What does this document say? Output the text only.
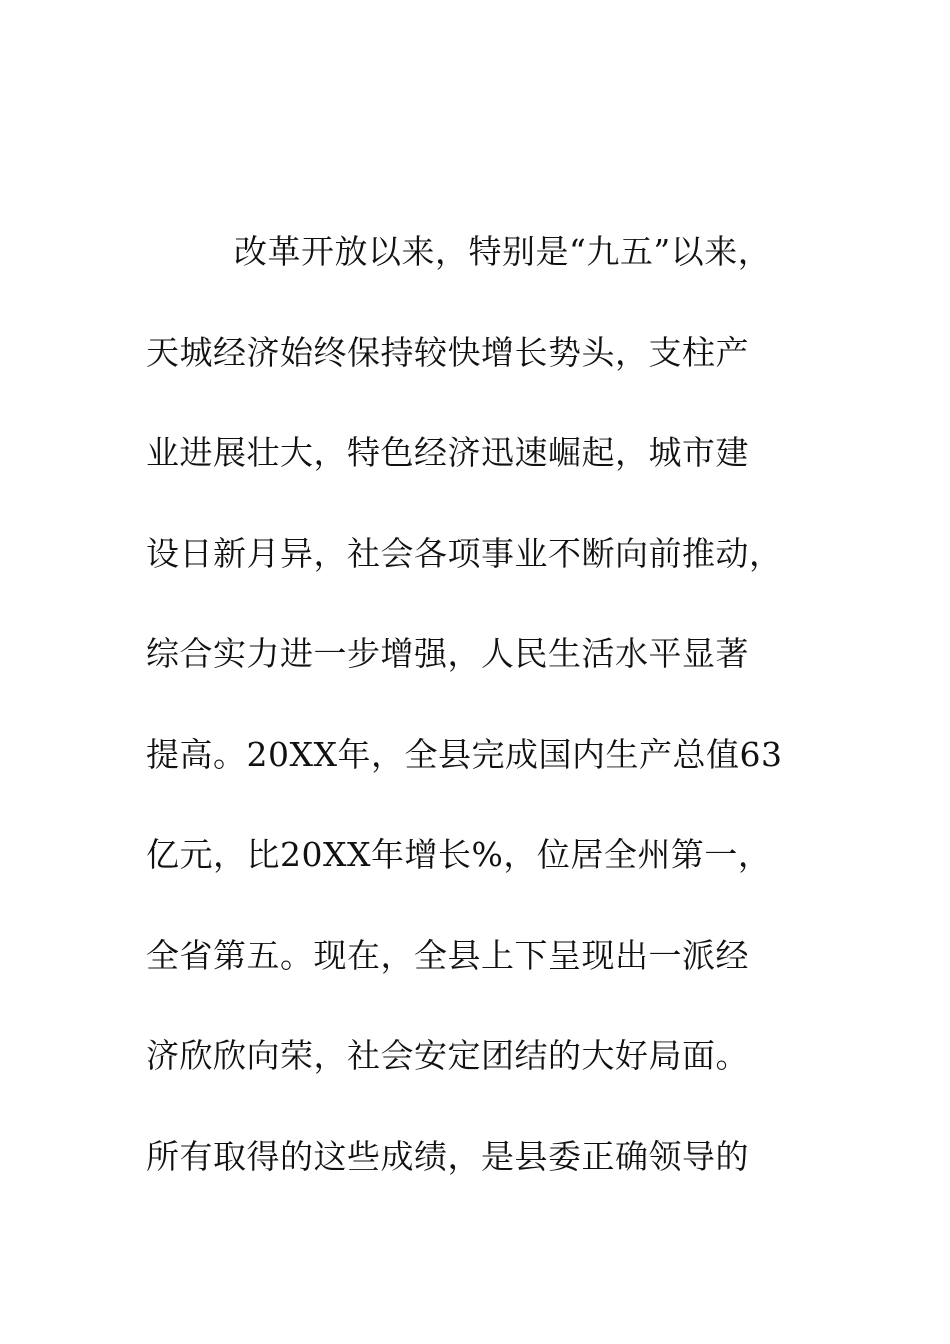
改革开放以来，特别是“九五”以来，
天城经济始终保持较快增长势头，支柱产
业进展壮大，特色经济迅速崛起，城市建
设日新月异，社会各项事业不断向前推动，
综合实力进一步增强，人民生活水平显著
提高。20XX年，全县完成国内生产总值63
亿元，比20XX年增长%，位居全州第一，
全省第五。现在，全县上下呈现出一派经
济欣欣向荣，社会安定团结的大好局面。
所有取得的这些成绩，是县委正确领导的
